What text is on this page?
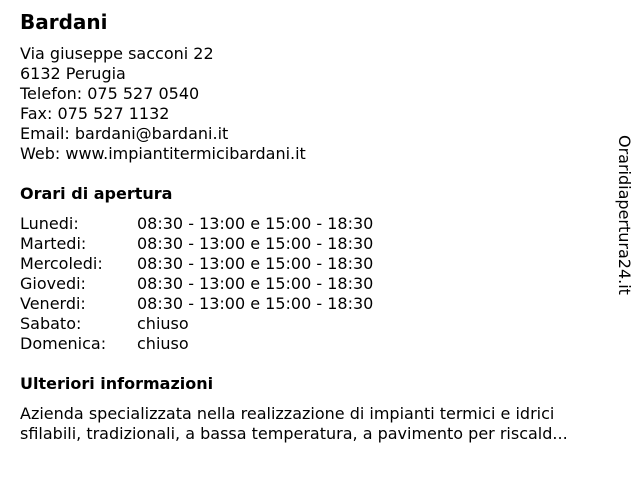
Bardani
Via giuseppe sacconi 22
6132 Perugia
Telefon: 075 527 0540
Fax: 075 527 1132
Email: bardani@bardani.it
Web: www.impiantitermicibardani.it
Orari di apertura
Lunedi:	08:30 - 13:00 e 15:00 - 18:30
Martedi:	08:30 - 13:00 e 15:00 - 18:30
Mercoledi:	08:30 - 13:00 e 15:00 - 18:30
Giovedi:	08:30 - 13:00 e 15:00 - 18:30
Venerdi:	08:30 - 13:00 e 15:00 - 18:30
Sabato:	chiuso
Domenica:	chiuso
Ulteriori informazioni
Azienda specializzata nella realizzazione di impianti termici e idrici
sfilabili, tradizionali, a bassa temperatura, a pavimento per riscald...
Oraridiapertura24.it
